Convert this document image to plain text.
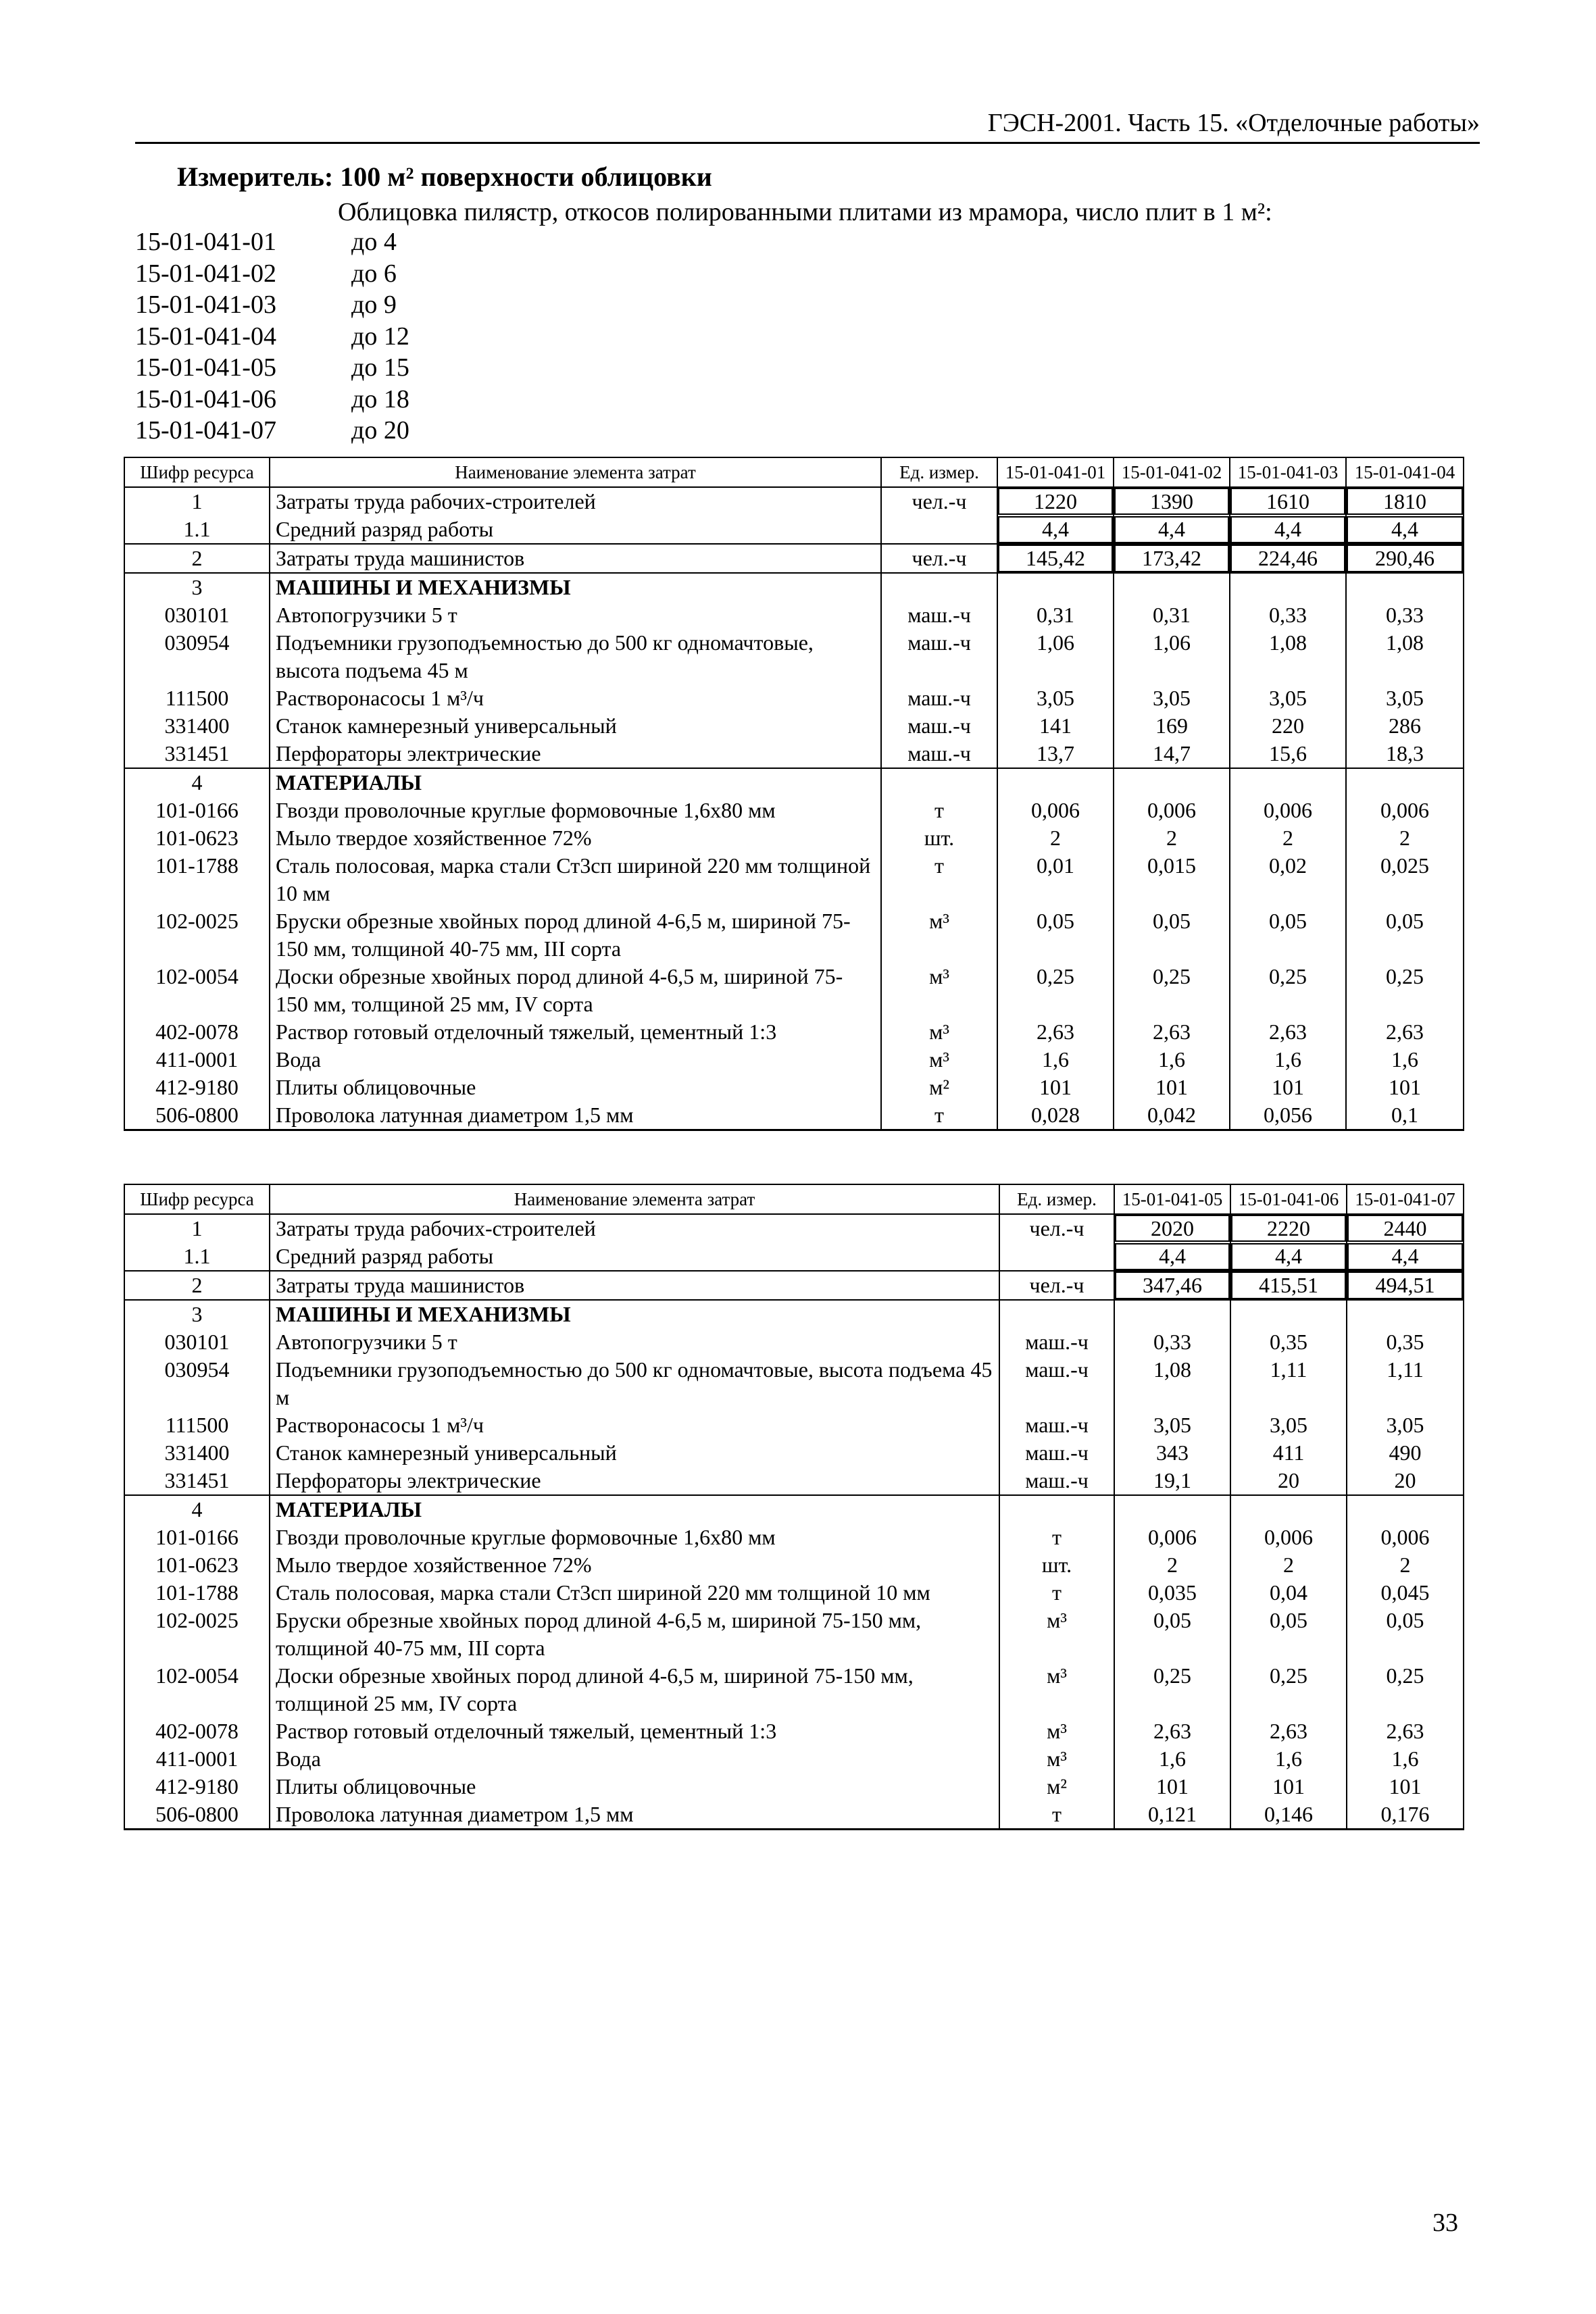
ГЭСН-2001. Часть 15. «Отделочные работы»
Измеритель: 100 м² поверхности облицовки
Облицовка пилястр, откосов полированными плитами из мрамора, число плит в 1 м²:
15-01-041-01	до 4
15-01-041-02	до 6
15-01-041-03	до 9
15-01-041-04	до 12
15-01-041-05	до 15
15-01-041-06	до 18
15-01-041-07	до 20
Шифр ресурса	Наименование элемента затрат	Ед. измер.	15-01-041-01	15-01-041-02	15-01-041-03	15-01-041-04
1	Затраты труда рабочих-строителей	чел.-ч	1220	1390	1610	1810
1.1	Средний разряд работы		4,4	4,4	4,4	4,4
2	Затраты труда машинистов	чел.-ч	145,42	173,42	224,46	290,46
3	МАШИНЫ И МЕХАНИЗМЫ					
030101	Автопогрузчики 5 т	маш.-ч	0,31	0,31	0,33	0,33
030954	Подъемники грузоподъемностью до 500 кг одномачтовые, высота подъема 45 м	маш.-ч	1,06	1,06	1,08	1,08
111500	Растворонасосы 1 м³/ч	маш.-ч	3,05	3,05	3,05	3,05
331400	Станок камнерезный универсальный	маш.-ч	141	169	220	286
331451	Перфораторы электрические	маш.-ч	13,7	14,7	15,6	18,3
4	МАТЕРИАЛЫ					
101-0166	Гвозди проволочные круглые формовочные 1,6x80 мм	т	0,006	0,006	0,006	0,006
101-0623	Мыло твердое хозяйственное 72%	шт.	2	2	2	2
101-1788	Сталь полосовая, марка стали Ст3сп шириной 220 мм толщиной 10 мм	т	0,01	0,015	0,02	0,025
102-0025	Бруски обрезные хвойных пород длиной 4-6,5 м, шириной 75-150 мм, толщиной 40-75 мм, III сорта	м³	0,05	0,05	0,05	0,05
102-0054	Доски обрезные хвойных пород длиной 4-6,5 м, шириной 75-150 мм, толщиной 25 мм, IV сорта	м³	0,25	0,25	0,25	0,25
402-0078	Раствор готовый отделочный тяжелый, цементный 1:3	м³	2,63	2,63	2,63	2,63
411-0001	Вода	м³	1,6	1,6	1,6	1,6
412-9180	Плиты облицовочные	м²	101	101	101	101
506-0800	Проволока латунная диаметром 1,5 мм	т	0,028	0,042	0,056	0,1
Шифр ресурса	Наименование элемента затрат	Ед. измер.	15-01-041-05	15-01-041-06	15-01-041-07
1	Затраты труда рабочих-строителей	чел.-ч	2020	2220	2440
1.1	Средний разряд работы		4,4	4,4	4,4
2	Затраты труда машинистов	чел.-ч	347,46	415,51	494,51
3	МАШИНЫ И МЕХАНИЗМЫ				
030101	Автопогрузчики 5 т	маш.-ч	0,33	0,35	0,35
030954	Подъемники грузоподъемностью до 500 кг одномачтовые, высота подъема 45 м	маш.-ч	1,08	1,11	1,11
111500	Растворонасосы 1 м³/ч	маш.-ч	3,05	3,05	3,05
331400	Станок камнерезный универсальный	маш.-ч	343	411	490
331451	Перфораторы электрические	маш.-ч	19,1	20	20
4	МАТЕРИАЛЫ				
101-0166	Гвозди проволочные круглые формовочные 1,6x80 мм	т	0,006	0,006	0,006
101-0623	Мыло твердое хозяйственное 72%	шт.	2	2	2
101-1788	Сталь полосовая, марка стали Ст3сп шириной 220 мм толщиной 10 мм	т	0,035	0,04	0,045
102-0025	Бруски обрезные хвойных пород длиной 4-6,5 м, шириной 75-150 мм, толщиной 40-75 мм, III сорта	м³	0,05	0,05	0,05
102-0054	Доски обрезные хвойных пород длиной 4-6,5 м, шириной 75-150 мм, толщиной 25 мм, IV сорта	м³	0,25	0,25	0,25
402-0078	Раствор готовый отделочный тяжелый, цементный 1:3	м³	2,63	2,63	2,63
411-0001	Вода	м³	1,6	1,6	1,6
412-9180	Плиты облицовочные	м²	101	101	101
506-0800	Проволока латунная диаметром 1,5 мм	т	0,121	0,146	0,176
33
